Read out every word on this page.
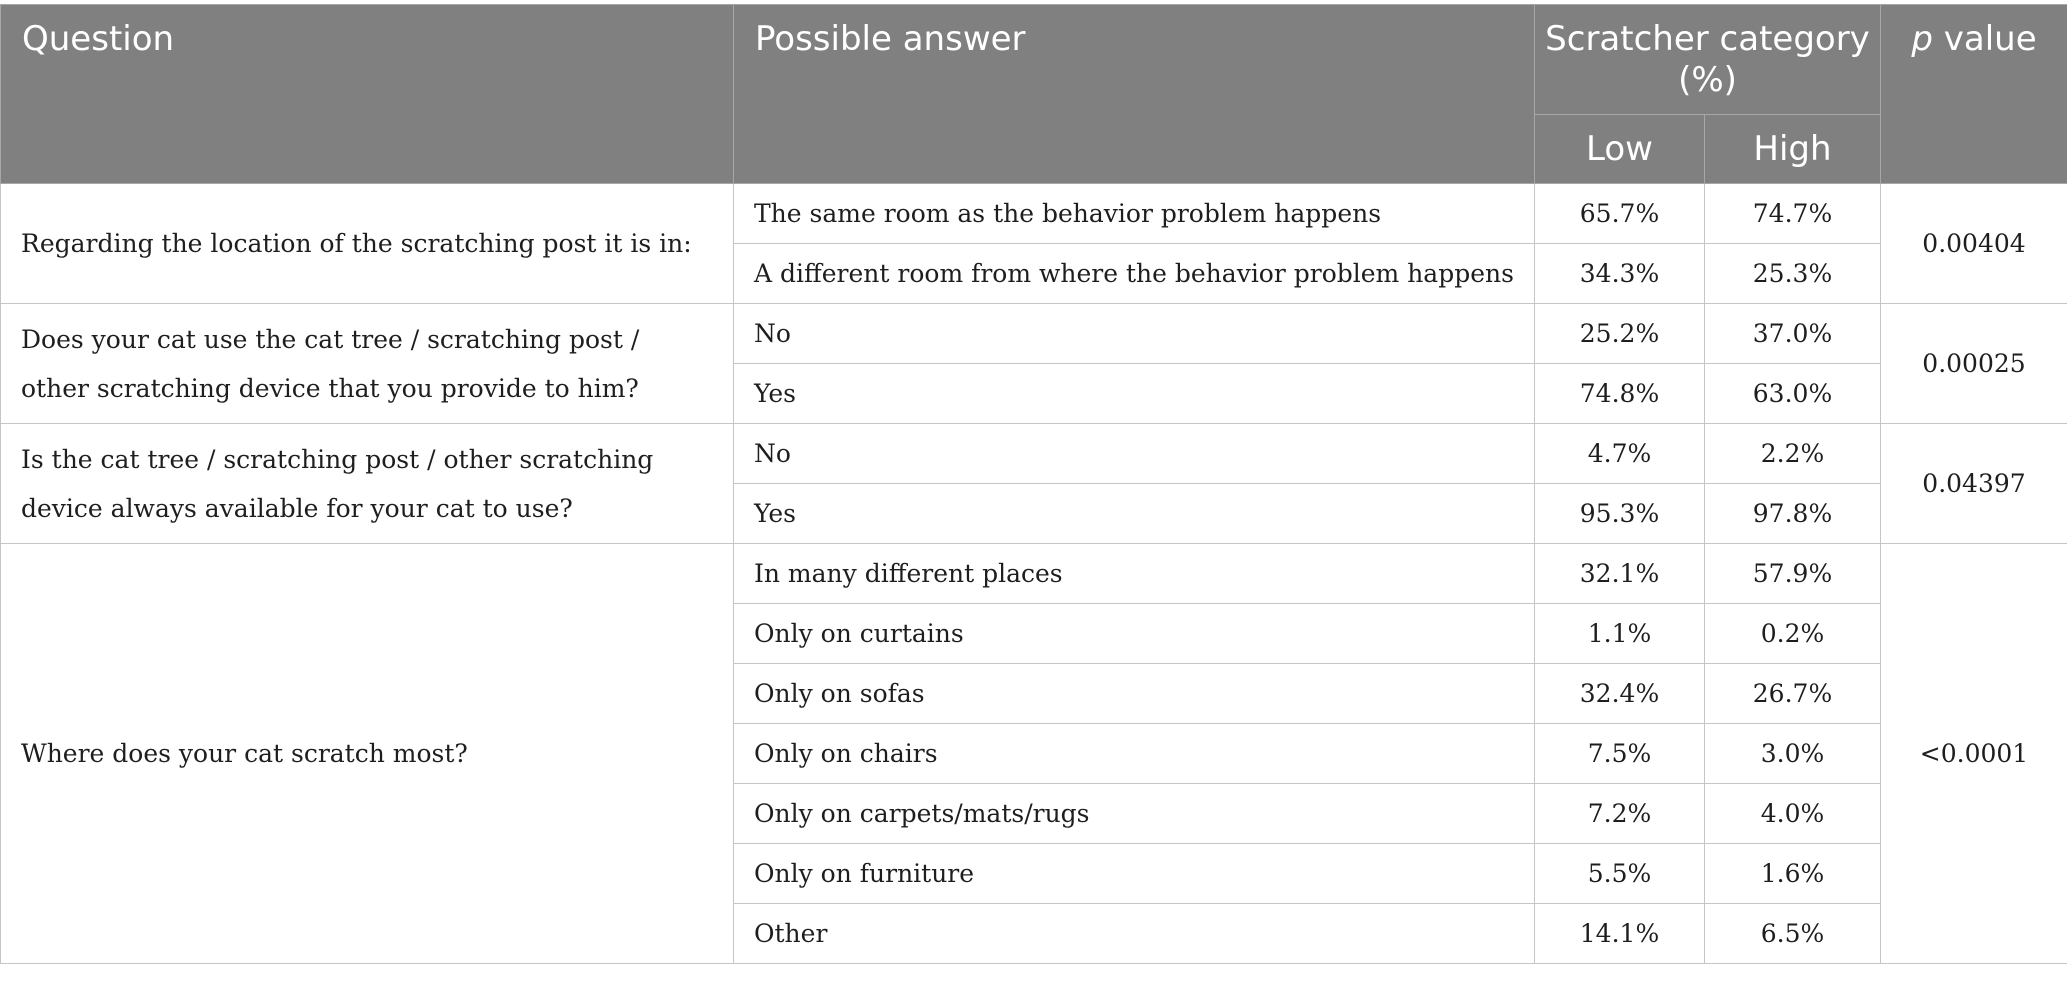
Question	Possible answer	Scratcher category (%)		p value
		Low	High	
Regarding the location of the scratching post it is in:	The same room as the behavior problem happens	65.7%	74.7%	0.00404
	A different room from where the behavior problem happens	34.3%	25.3%	
Does your cat use the cat tree / scratching post / other scratching device that you provide to him?	No	25.2%	37.0%	0.00025
	Yes	74.8%	63.0%	
Is the cat tree / scratching post / other scratching device always available for your cat to use?	No	4.7%	2.2%	0.04397
	Yes	95.3%	97.8%	
Where does your cat scratch most?	In many different places	32.1%	57.9%	<0.0001
	Only on curtains	1.1%	0.2%	
	Only on sofas	32.4%	26.7%	
	Only on chairs	7.5%	3.0%	
	Only on carpets/mats/rugs	7.2%	4.0%	
	Only on furniture	5.5%	1.6%	
	Other	14.1%	6.5%	
